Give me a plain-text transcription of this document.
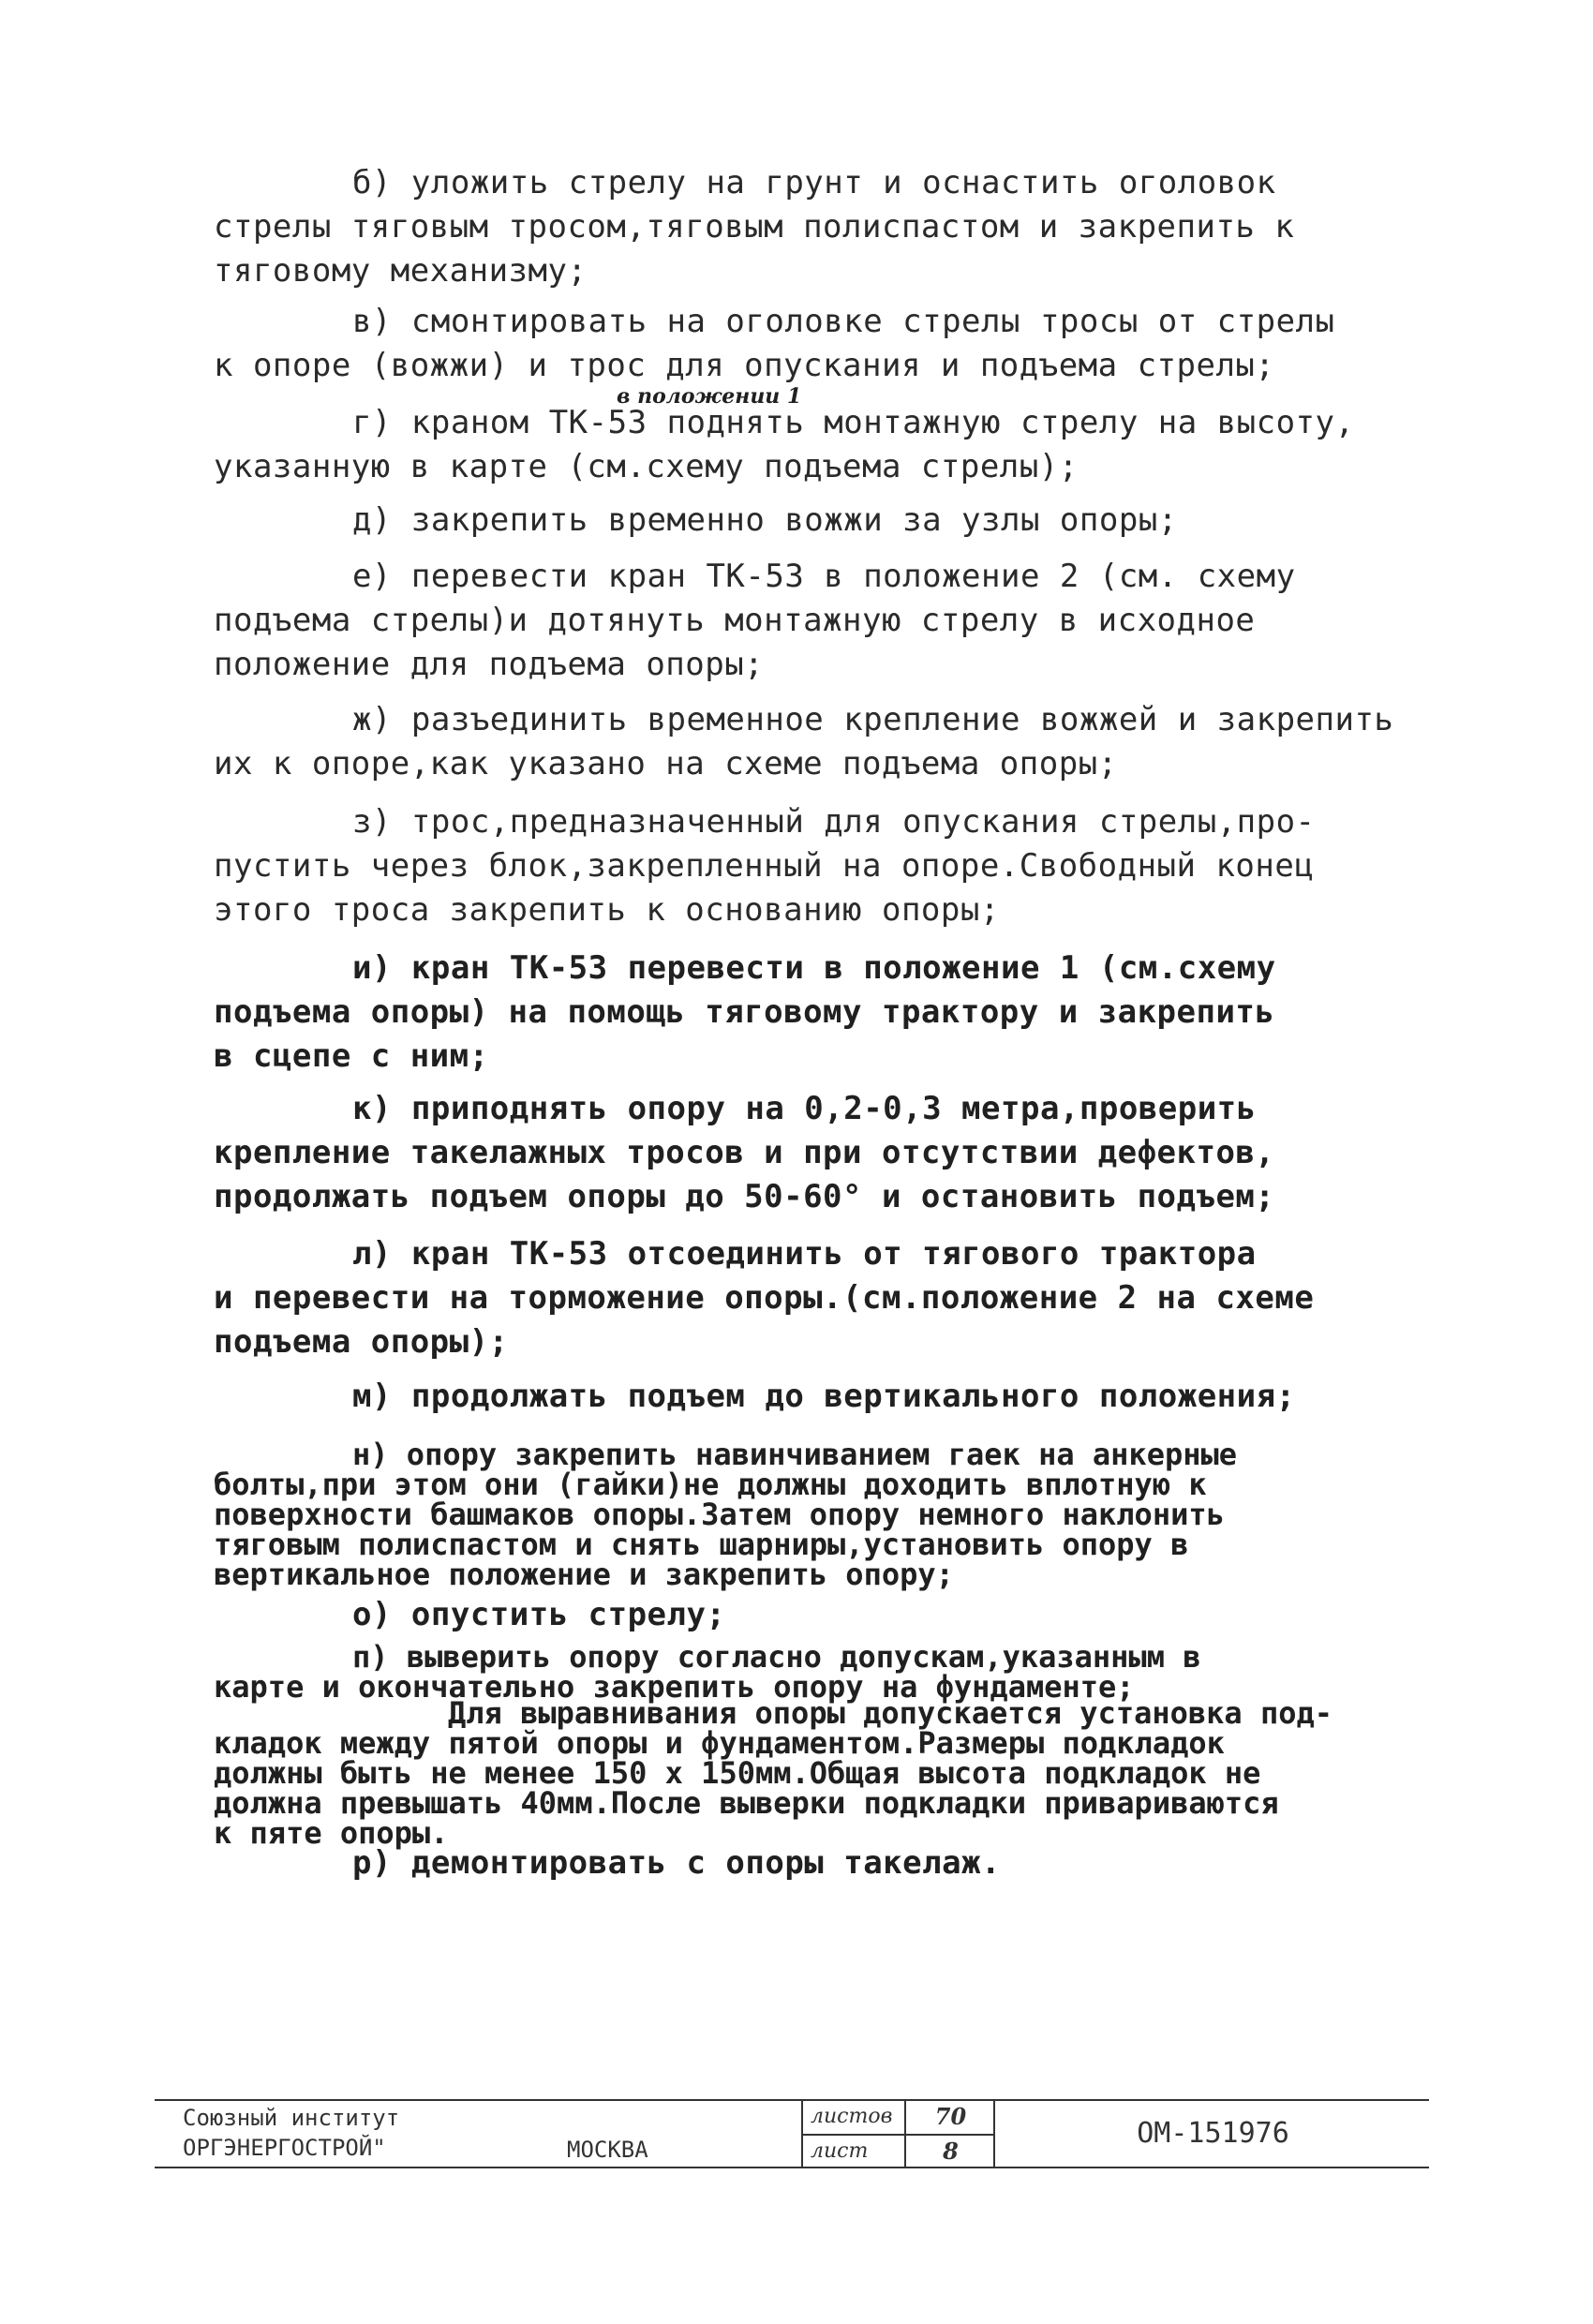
б) уложить стрелу на грунт и оснастить оголовок
стрелы тяговым тросом,тяговым полиспастом и закрепить к
тяговому механизму;
в) смонтировать на оголовке стрелы тросы от стрелы
к опоре (вожжи) и трос для опускания и подъема стрелы;
в положении 1
г) краном ТК-53 поднять монтажную стрелу на высоту,
указанную в карте (см.схему подъема стрелы);
д) закрепить временно вожжи за узлы опоры;
е) перевести кран ТК-53 в положение 2 (см. схему
подъема стрелы)и дотянуть монтажную стрелу в исходное
положение для подъема опоры;
ж) разъединить временное крепление вожжей и закрепить
их к опоре,как указано на схеме подъема опоры;
з) трос,предназначенный для опускания стрелы,про-
пустить через блок,закрепленный на опоре.Свободный конец
этого троса закрепить к основанию опоры;
и) кран ТК-53 перевести в положение 1 (см.схему
подъема опоры) на помощь тяговому трактору и закрепить
в сцепе с ним;
к) приподнять опору на 0,2-0,3 метра,проверить
крепление такелажных тросов и при отсутствии дефектов,
продолжать подъем опоры до 50-60° и остановить подъем;
л) кран ТК-53 отсоединить от тягового трактора
и перевести на торможение опоры.(см.положение 2 на схеме
подъема опоры);
м) продолжать подъем до вертикального положения;
н) опору закрепить навинчиванием гаек на анкерные
болты,при этом они (гайки)не должны доходить вплотную к
поверхности башмаков опоры.Затем опору немного наклонить
тяговым полиспастом и снять шарниры,установить опору в
вертикальное положение и закрепить опору;
о) опустить стрелу;
п) выверить опору согласно допускам,указанным в
карте и окончательно закрепить опору на фундаменте;
Для выравнивания опоры допускается установка под-
кладок между пятой опоры и фундаментом.Размеры подкладок
должны быть не менее 150 х 150мм.Общая высота подкладок не
должна превышать 40мм.После выверки подкладки привариваются
к пяте опоры.
р) демонтировать с опоры такелаж.
Союзный институт
ОРГЭНЕРГОСТРОЙ"	МОСКВА
листов
лист
70
8
ОМ-151976
